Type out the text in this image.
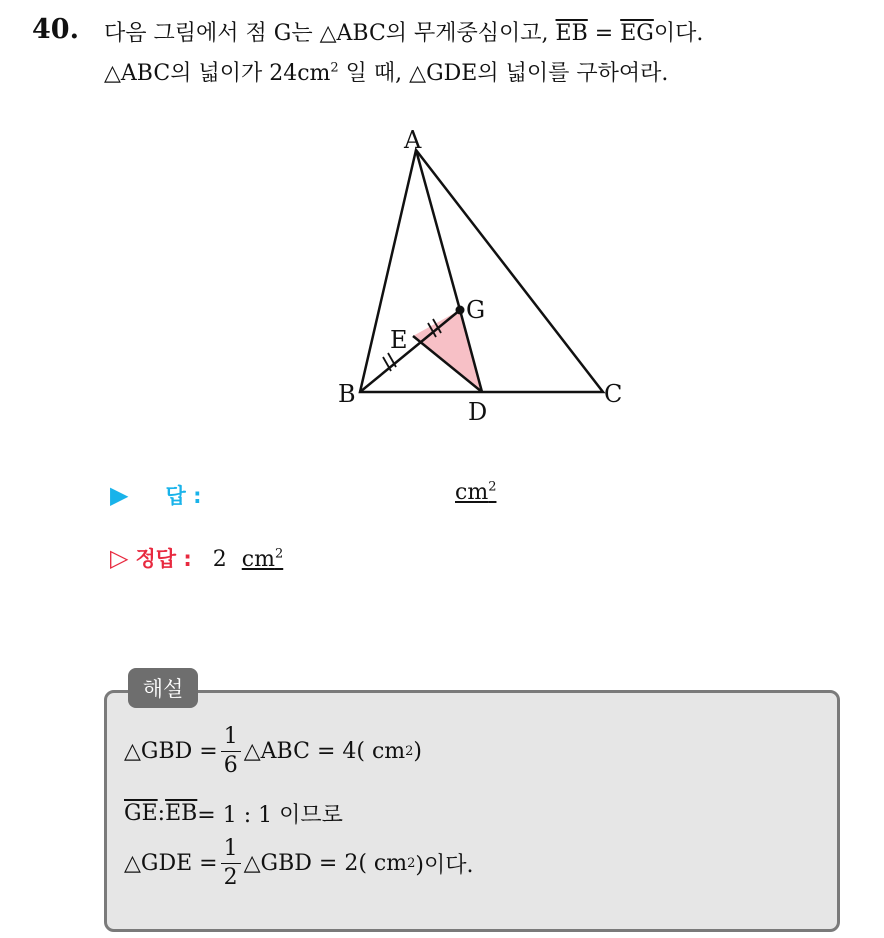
40. 다음 그림에서 점 G는 △ABC의 무게중심이고, $\overline{EB} = \overline{EG}$이다.
△ABC의 넓이가 $24cm^2$ 일 때, △GDE의 넓이를 구하여라.
A
B	C
D
E
G
▶ 답 :	$cm^2$
▷ 정답 : 2 $cm^2$
해설
△GBD = $\frac{1}{6}$ △ABC = 4( cm 2 )
$\overline{GE}$ : $\overline{EB} = 1$ : 1 이므로
△GDE = $\frac{1}{2}$ △GBD = 2( cm 2 )이다.
